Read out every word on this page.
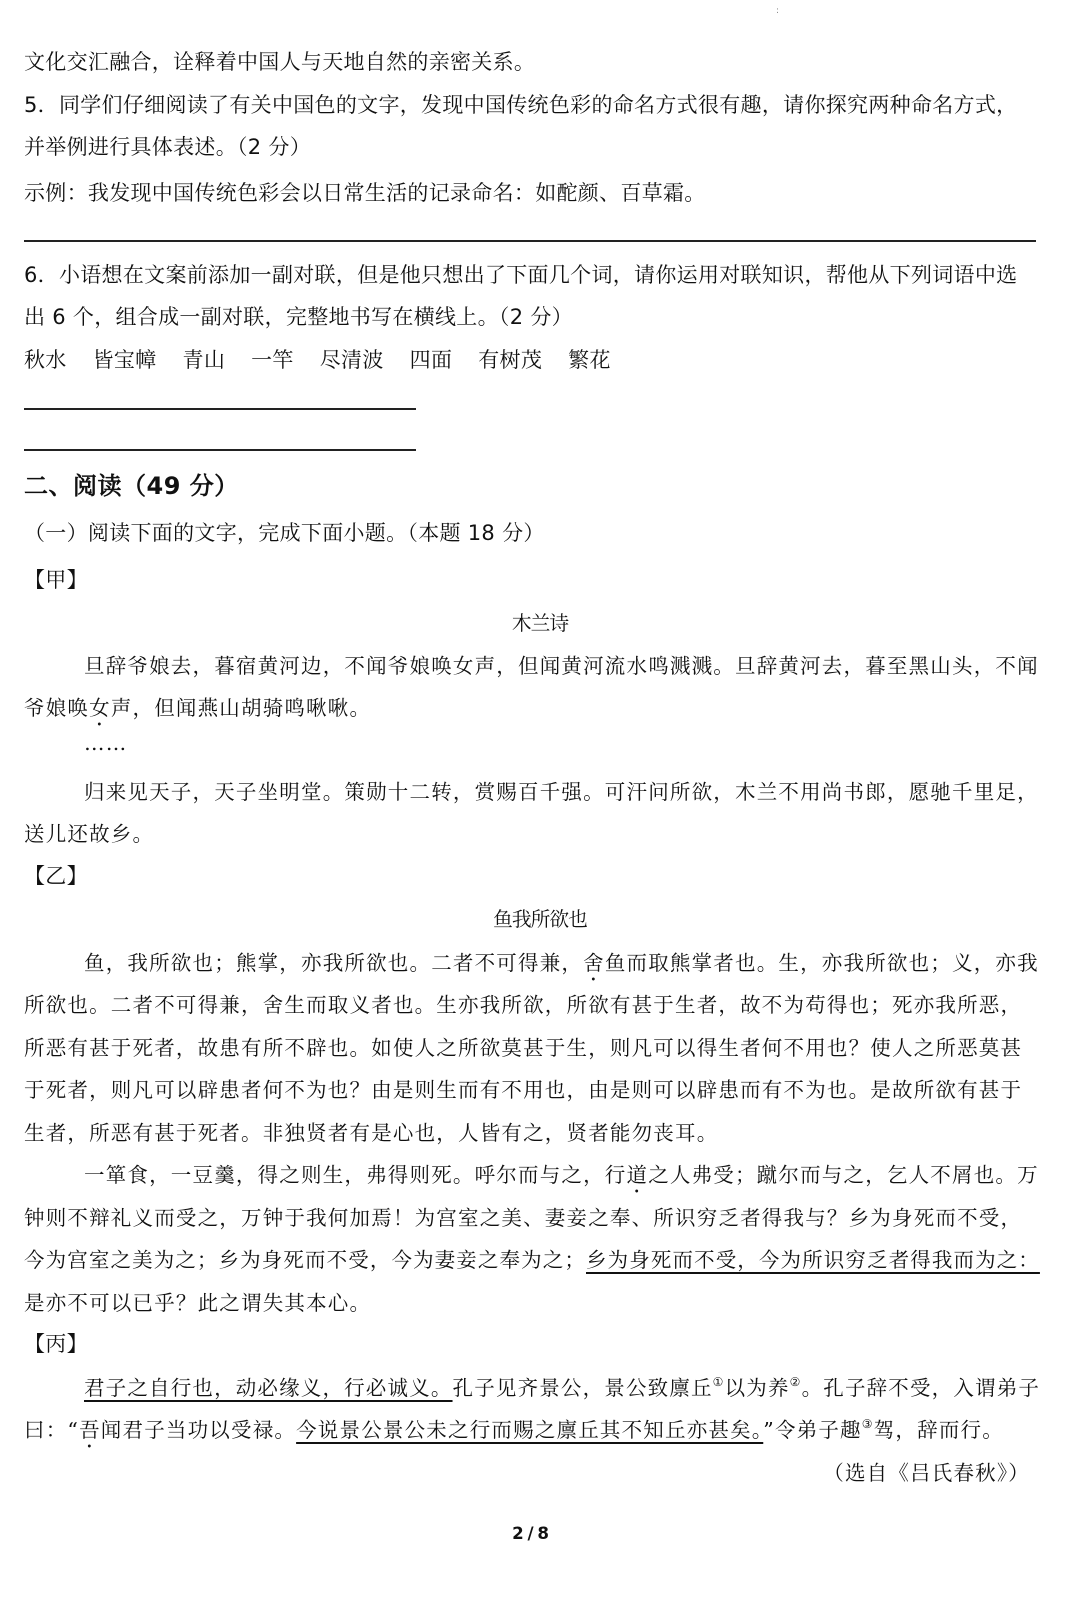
:
文化交汇融合，诠释着中国人与天地自然的亲密关系。
5．同学们仔细阅读了有关中国色的文字，发现中国传统色彩的命名方式很有趣，请你探究两种命名方式，
并举例进行具体表述。（2 分）
示例：我发现中国传统色彩会以日常生活的记录命名：如酡颜、百草霜。
6．小语想在文案前添加一副对联，但是他只想出了下面几个词，请你运用对联知识，帮他从下列词语中选
出 6 个，组合成一副对联，完整地书写在横线上。（2 分）
秋水 皆宝幛 青山 一竿 尽清波 四面 有树茂 繁花
二、阅读（49 分）
（一）阅读下面的文字，完成下面小题。（本题 18 分）
【甲】
木兰诗
旦辞爷娘去，暮宿黄河边，不闻爷娘唤女声，但闻黄河流水鸣溅溅。旦辞黄河去，暮至黑山头，不闻
爷娘唤女声，但闻燕山胡骑鸣啾啾。
……
归来见天子，天子坐明堂。策勋十二转，赏赐百千强。可汗问所欲，木兰不用尚书郎，愿驰千里足，
送儿还故乡。
【乙】
鱼我所欲也
鱼，我所欲也；熊掌，亦我所欲也。二者不可得兼，舍鱼而取熊掌者也。生，亦我所欲也；义，亦我
所欲也。二者不可得兼，舍生而取义者也。生亦我所欲，所欲有甚于生者，故不为苟得也；死亦我所恶，
所恶有甚于死者，故患有所不辟也。如使人之所欲莫甚于生，则凡可以得生者何不用也？使人之所恶莫甚
于死者，则凡可以辟患者何不为也？由是则生而有不用也，由是则可以辟患而有不为也。是故所欲有甚于
生者，所恶有甚于死者。非独贤者有是心也，人皆有之，贤者能勿丧耳。
一箪食，一豆羹，得之则生，弗得则死。呼尔而与之，行道之人弗受；蹴尔而与之，乞人不屑也。万
钟则不辩礼义而受之，万钟于我何加焉！为宫室之美、妻妾之奉、所识穷乏者得我与？乡为身死而不受，
今为宫室之美为之；乡为身死而不受，今为妻妾之奉为之；乡为身死而不受，今为所识穷乏者得我而为之：
是亦不可以已乎？此之谓失其本心。
【丙】
君子之自行也，动必缘义，行必诚义。孔子见齐景公，景公致廪丘①以为养②。孔子辞不受，入谓弟子
曰：“吾闻君子当功以受禄。今说景公景公未之行而赐之廪丘其不知丘亦甚矣。”令弟子趣③驾，辞而行。
（选自《吕氏春秋》）
2 / 8
